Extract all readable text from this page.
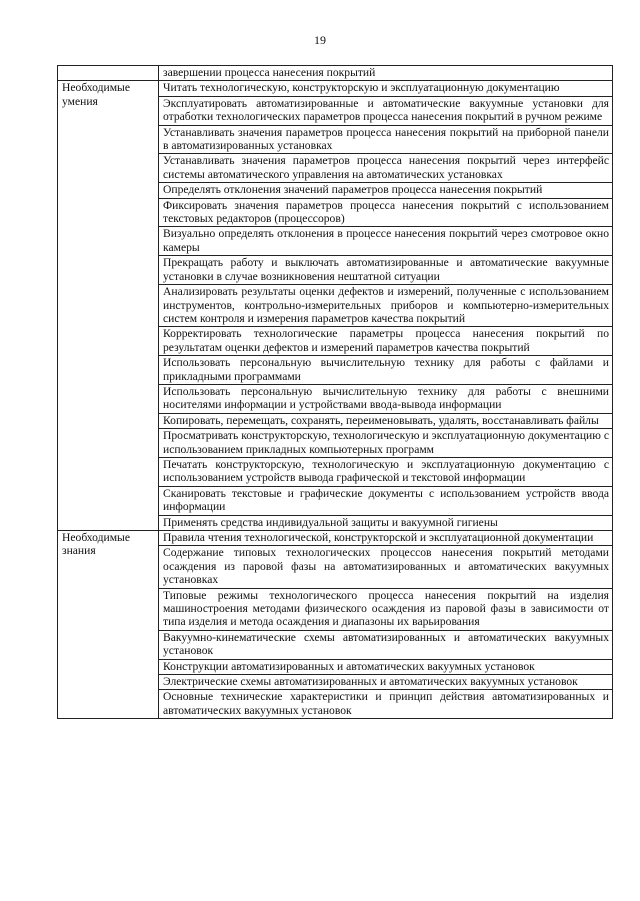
19
	завершении процесса нанесения покрытий
Необходимые умения	Читать технологическую, конструкторскую и эксплуатационную документацию
	Эксплуатировать автоматизированные и автоматические вакуумные установки для отработки технологических параметров процесса нанесения покрытий в ручном режиме
	Устанавливать значения параметров процесса нанесения покрытий на приборной панели в автоматизированных установках
	Устанавливать значения параметров процесса нанесения покрытий через интерфейс системы автоматического управления на автоматических установках
	Определять отклонения значений параметров процесса нанесения покрытий
	Фиксировать значения параметров процесса нанесения покрытий с использованием текстовых редакторов (процессоров)
	Визуально определять отклонения в процессе нанесения покрытий через смотровое окно камеры
	Прекращать работу и выключать автоматизированные и автоматические вакуумные установки в случае возникновения нештатной ситуации
	Анализировать результаты оценки дефектов и измерений, полученные с использованием инструментов, контрольно-измерительных приборов и компьютерно-измерительных систем контроля и измерения параметров качества покрытий
	Корректировать технологические параметры процесса нанесения покрытий по результатам оценки дефектов и измерений параметров качества покрытий
	Использовать персональную вычислительную технику для работы с файлами и прикладными программами
	Использовать персональную вычислительную технику для работы с внешними носителями информации и устройствами ввода-вывода информации
	Копировать, перемещать, сохранять, переименовывать, удалять, восстанавливать файлы
	Просматривать конструкторскую, технологическую и эксплуатационную документацию с использованием прикладных компьютерных программ
	Печатать конструкторскую, технологическую и эксплуатационную документацию с использованием устройств вывода графической и текстовой информации
	Сканировать текстовые и графические документы с использованием устройств ввода информации
	Применять средства индивидуальной защиты и вакуумной гигиены
Необходимые знания	Правила чтения технологической, конструкторской и эксплуатационной документации
	Содержание типовых технологических процессов нанесения покрытий методами осаждения из паровой фазы на автоматизированных и автоматических вакуумных установках
	Типовые режимы технологического процесса нанесения покрытий на изделия машиностроения методами физического осаждения из паровой фазы в зависимости от типа изделия и метода осаждения и диапазоны их варьирования
	Вакуумно-кинематические схемы автоматизированных и автоматических вакуумных установок
	Конструкции автоматизированных и автоматических вакуумных установок
	Электрические схемы автоматизированных и автоматических вакуумных установок
	Основные технические характеристики и принцип действия автоматизированных и автоматических вакуумных установок
